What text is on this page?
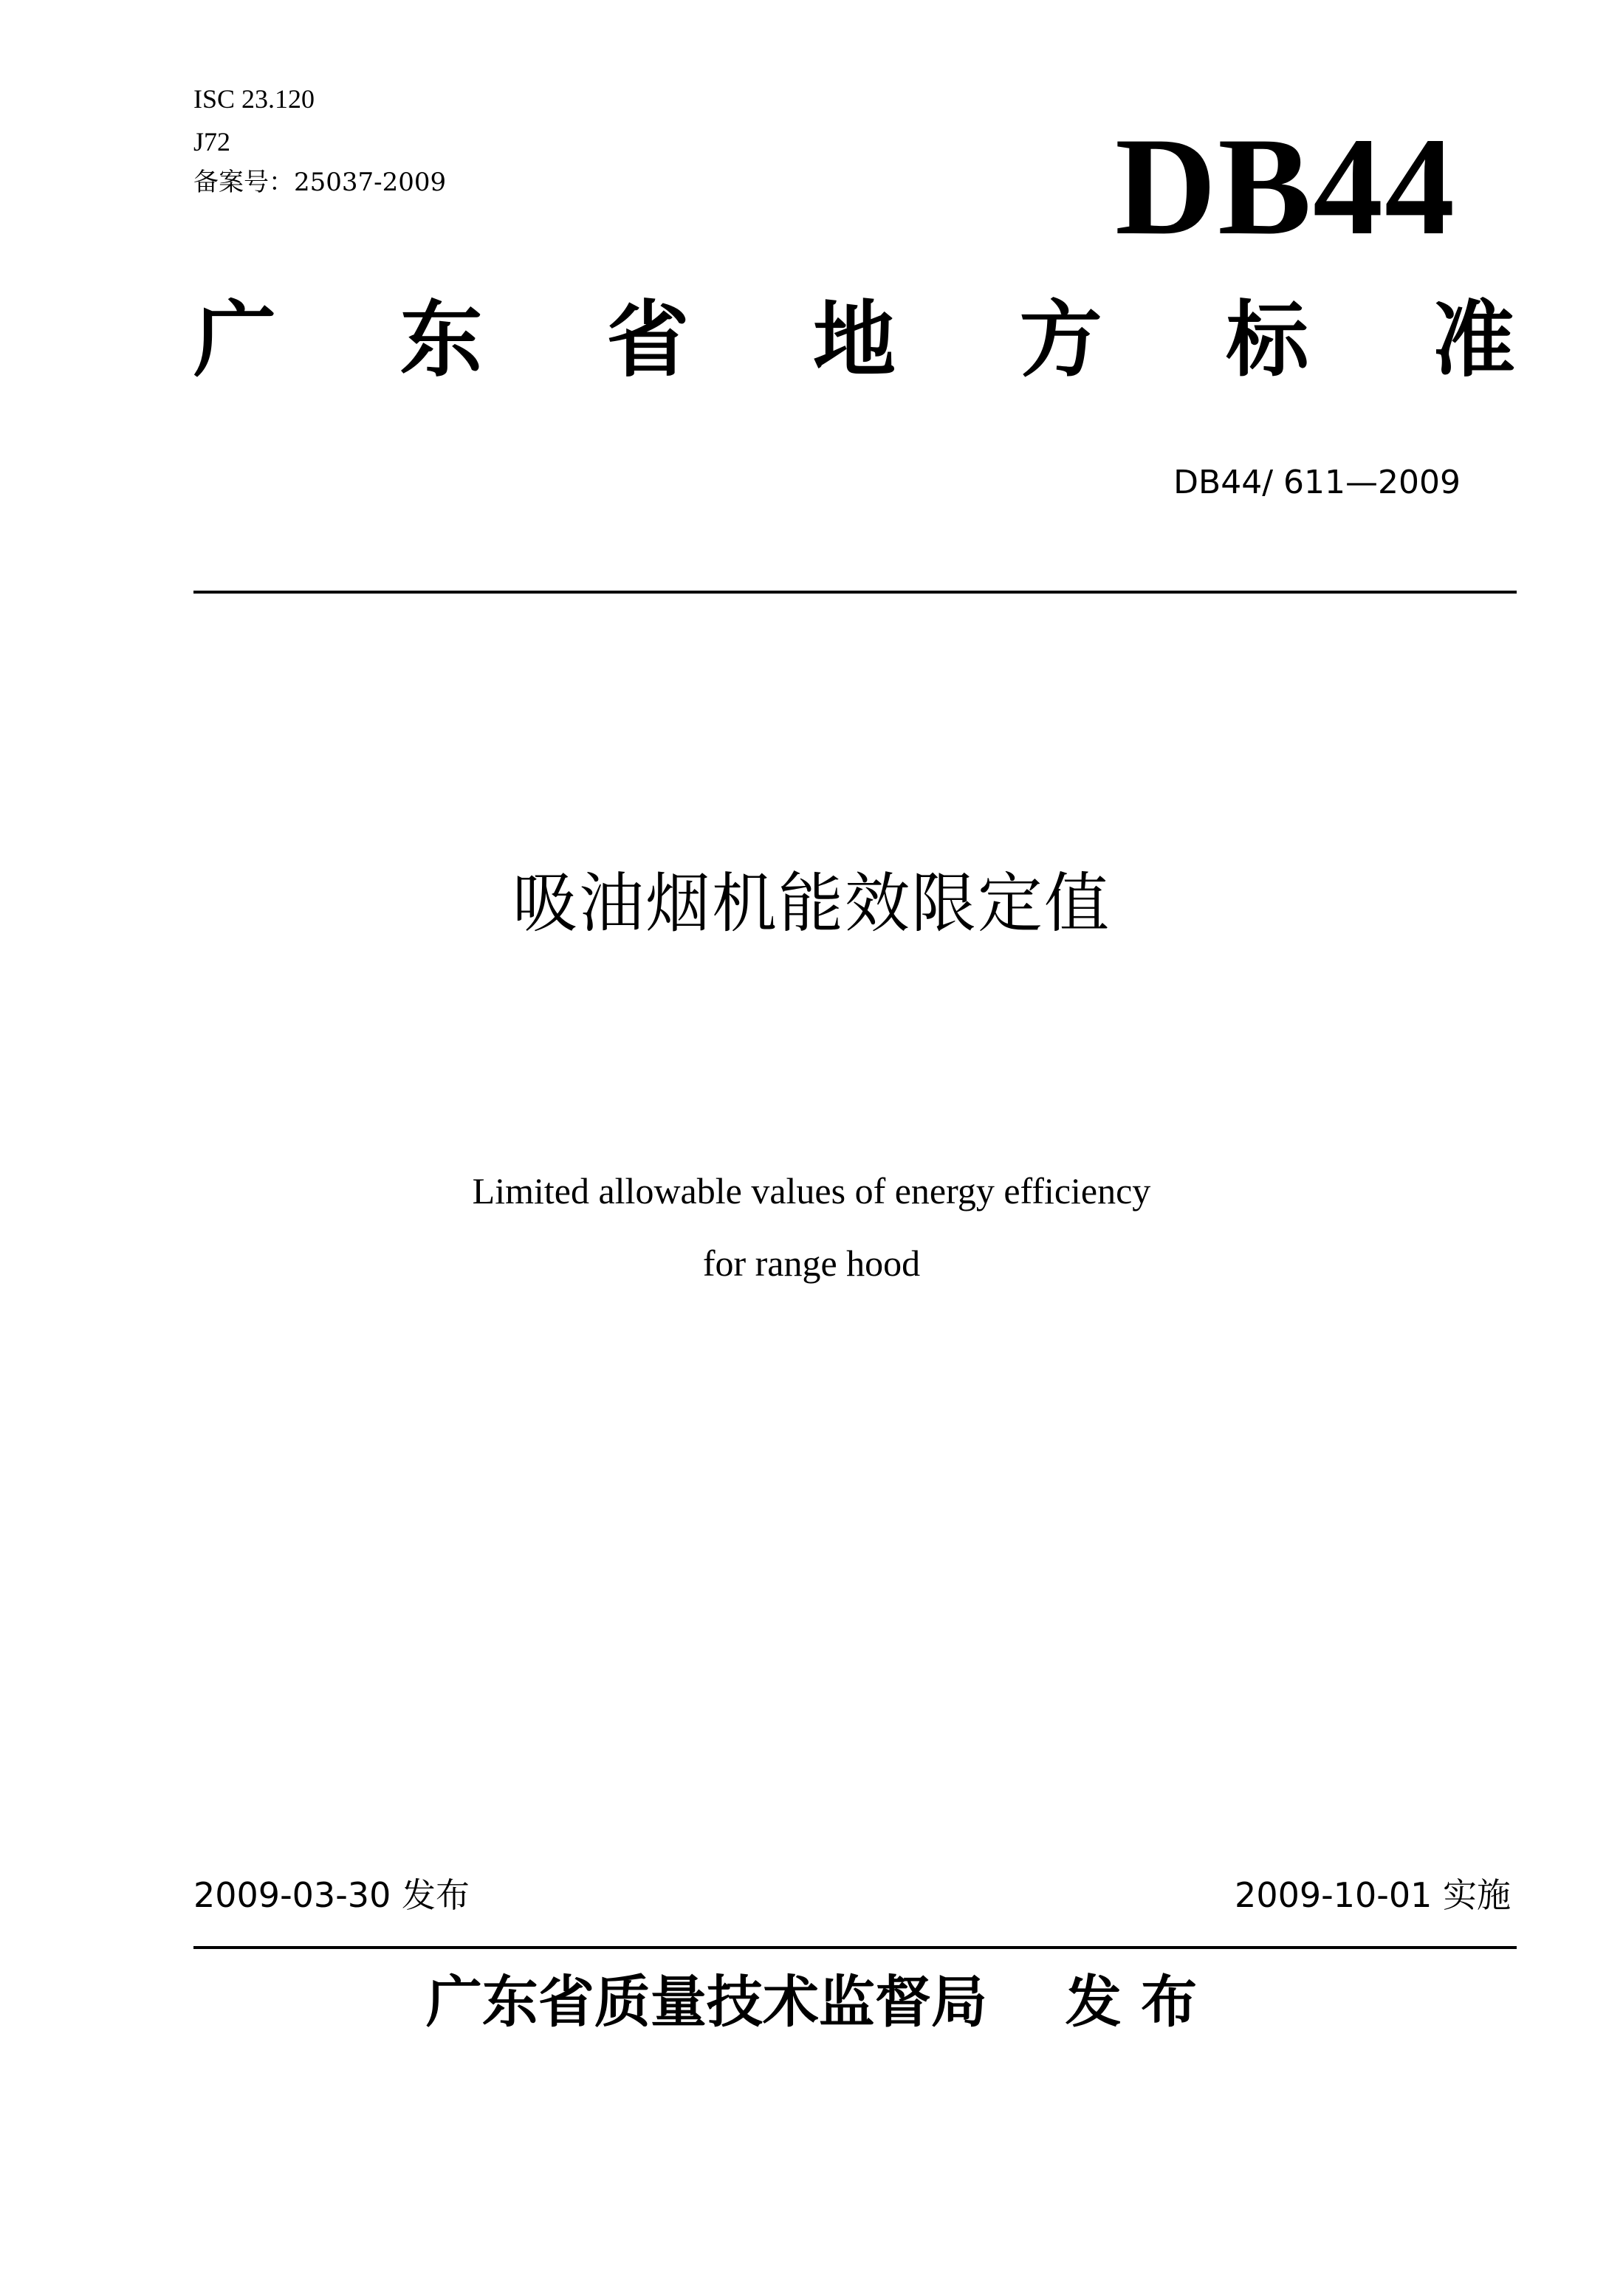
ISC 23.120
J72
备案号：25037-2009	DB44
广 东 省 地 方 标 准
DB44/ 611—2009
吸油烟机能效限定值
Limited allowable values of energy efficiency
for range hood
2009-03-30 发布	2009-10-01 实施
广东省质量技术监督局    发 布
